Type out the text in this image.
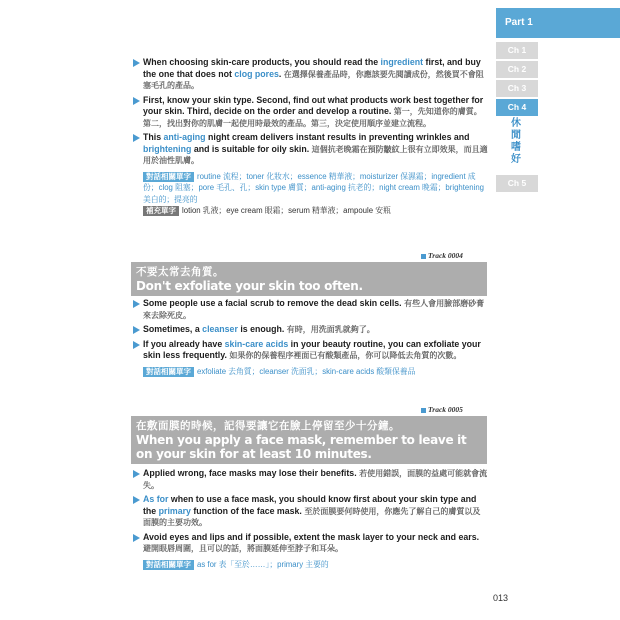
Part 1
Ch 1
Ch 2
Ch 3
Ch 4
休
閒
嗜
好
Ch 5
When choosing skin-care products, you should read the ingredient first, and buy the one that does not clog pores. 在選擇保養產品時，你應該要先閱讀成份，然後買不會阻塞毛孔的產品。
First, know your skin type. Second, find out what products work best together for your skin. Third, decide on the order and develop a routine. 第一，先知道你的膚質。第二，找出對你的肌膚一起使用時最效的產品。第三，決定使用順序並建立流程。
This anti-aging night cream delivers instant results in preventing wrinkles and brightening and is suitable for oily skin. 這個抗老晚霜在預防皺紋上很有立即效果，而且適用於油性肌膚。
對話相關單字 routine 流程；toner 化妝水；essence 精華液；moisturizer 保濕霜；ingredient 成份；clog 阻塞；pore 毛孔、孔；skin type 膚質；anti-aging 抗老的；night cream 晚霜；brightening 美白的；提亮的
補充單字 lotion 乳液；eye cream 眼霜；serum 精華液；ampoule 安瓶
Track 0004
不要太常去角質。
Don't exfoliate your skin too often.
Some people use a facial scrub to remove the dead skin cells. 有些人會用臉部磨砂膏來去除死皮。
Sometimes, a cleanser is enough. 有時，用洗面乳就夠了。
If you already have skin-care acids in your beauty routine, you can exfoliate your skin less frequently. 如果你的保養程序裡面已有酸類產品，你可以降低去角質的次數。
對話相關單字 exfoliate 去角質；cleanser 洗面乳；skin-care acids 酸類保養品
Track 0005
在敷面膜的時候，記得要讓它在臉上停留至少十分鐘。
When you apply a face mask, remember to leave it on your skin for at least 10 minutes.
Applied wrong, face masks may lose their benefits. 若使用錯誤，面膜的益處可能就會流失。
As for when to use a face mask, you should know first about your skin type and the primary function of the face mask. 至於面膜要何時使用，你應先了解自己的膚質以及面膜的主要功效。
Avoid eyes and lips and if possible, extent the mask layer to your neck and ears. 避開眼唇周圍，且可以的話，將面膜延伸至脖子和耳朵。
對話相關單字 as for 表「至於……」；primary 主要的
013
